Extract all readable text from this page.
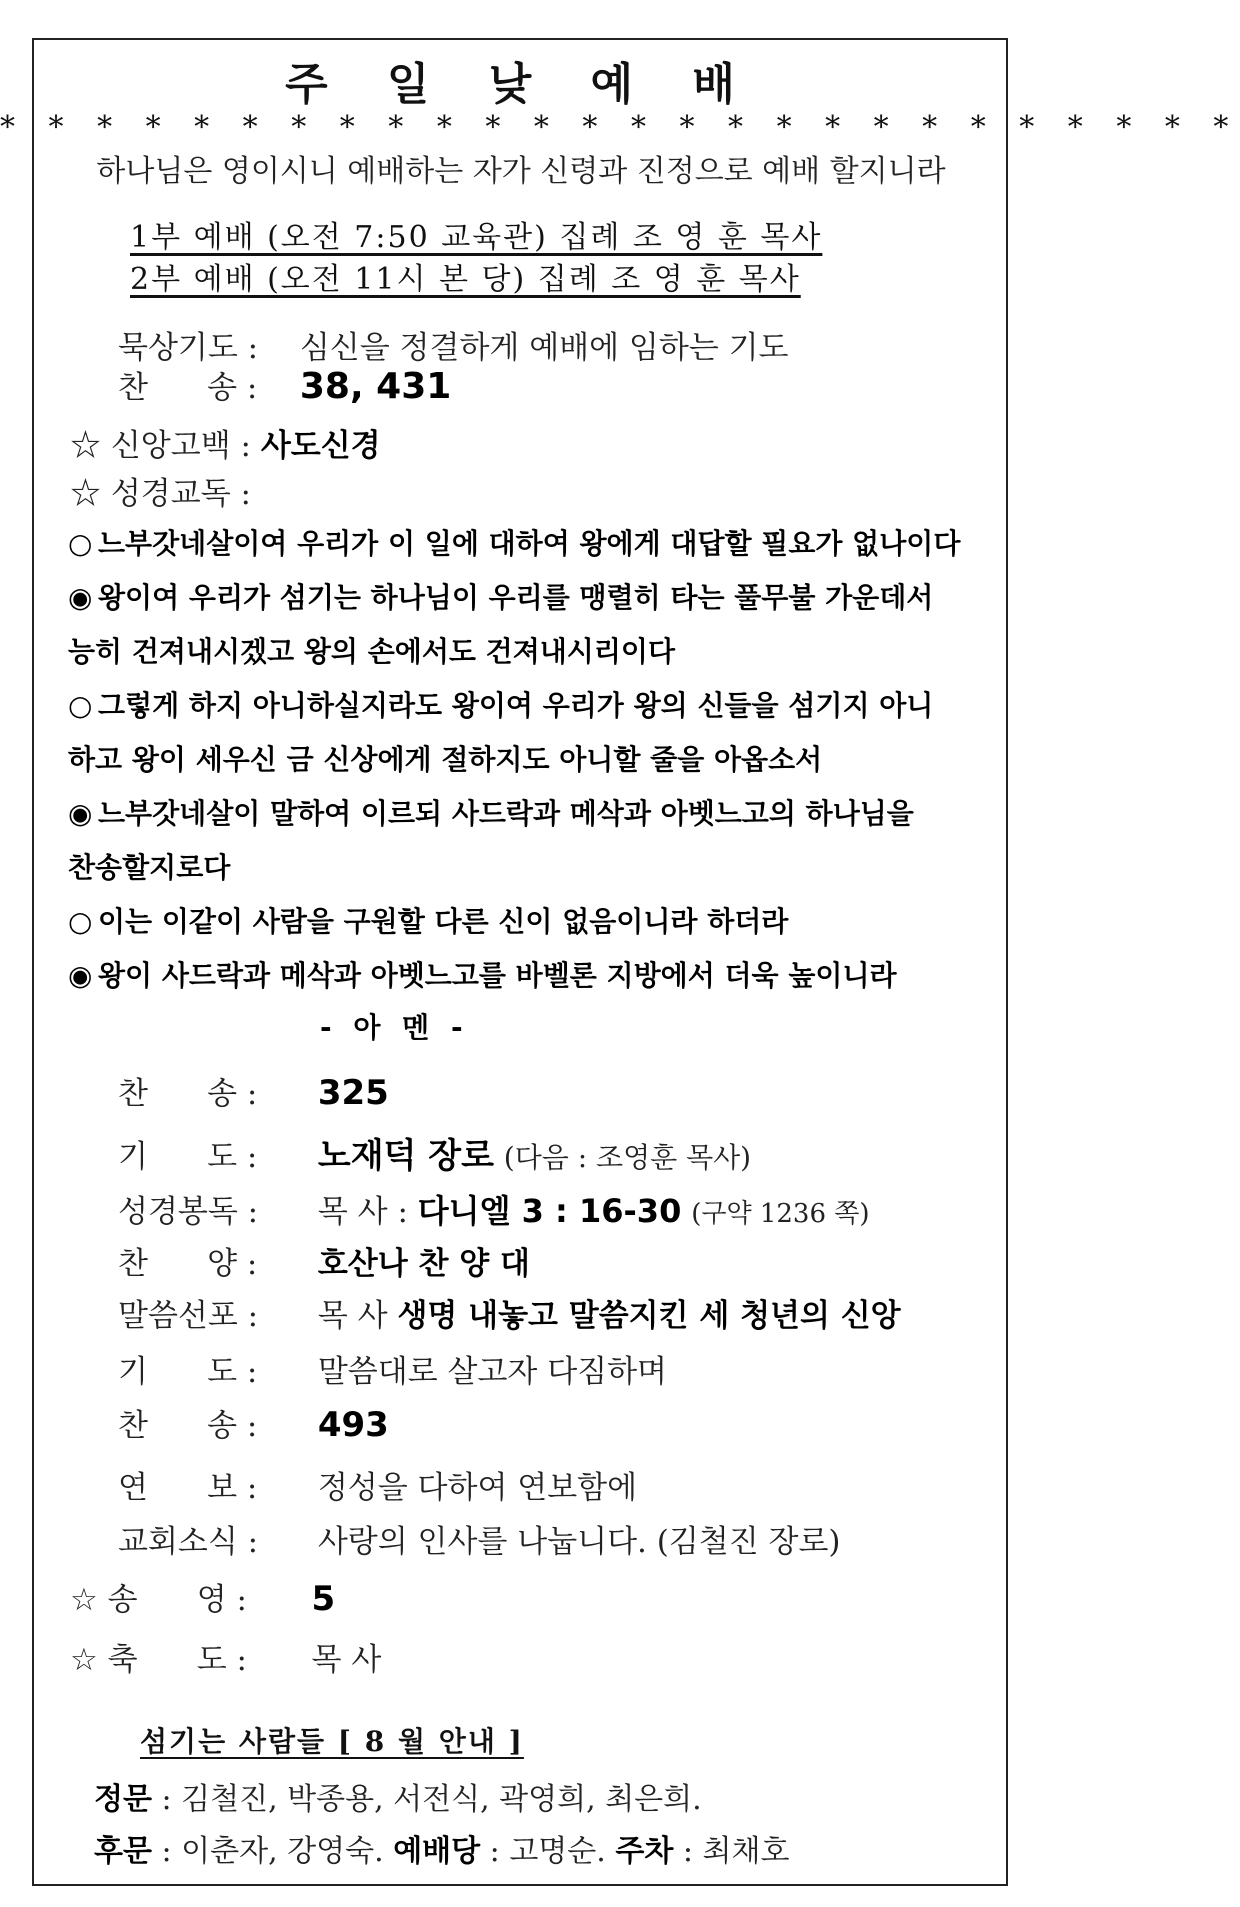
주 일 낮 예 배
* * * * * * * * * * * * * * * * * * * * * * * * * *
하나님은 영이시니 예배하는 자가 신령과 진정으로 예배 할지니라
1부 예배 (오전 7:50 교육관) 집례 조 영 훈 목사
2부 예배 (오전 11시 본 당) 집례 조 영 훈 목사
묵상기도 : 심신을 정결하게 예배에 임하는 기도
찬      송 : 38, 431
☆ 신앙고백 : 사도신경
☆ 성경교독 :
○ 느부갓네살이여 우리가 이 일에 대하여 왕에게 대답할 필요가 없나이다
◉ 왕이여 우리가 섬기는 하나님이 우리를 맹렬히 타는 풀무불 가운데서
능히 건져내시겠고 왕의 손에서도 건져내시리이다
○ 그렇게 하지 아니하실지라도 왕이여 우리가 왕의 신들을 섬기지 아니
하고 왕이 세우신 금 신상에게 절하지도 아니할 줄을 아옵소서
◉ 느부갓네살이 말하여 이르되 사드락과 메삭과 아벳느고의 하나님을
찬송할지로다
○ 이는 이같이 사람을 구원할 다른 신이 없음이니라 하더라
◉ 왕이 사드락과 메삭과 아벳느고를 바벨론 지방에서 더욱 높이니라
- 아 멘 -
찬      송 : 325
기      도 : 노재덕 장로 (다음 : 조영훈 목사)
성경봉독 : 목 사 : 다니엘 3 : 16-30 (구약 1236 쪽)
찬      양 : 호산나 찬 양 대
말씀선포 : 목 사 생명 내놓고 말씀지킨 세 청년의 신앙
기      도 : 말씀대로 살고자 다짐하며
찬      송 : 493
연      보 : 정성을 다하여 연보함에
교회소식 : 사랑의 인사를 나눕니다. (김철진 장로)
☆ 송      영 : 5
☆ 축      도 : 목 사
섬기는 사람들 [ 8 월 안내 ]
정문 : 김철진, 박종용, 서전식, 곽영희, 최은희.
후문 : 이춘자, 강영숙. 예배당 : 고명순. 주차 : 최채호
